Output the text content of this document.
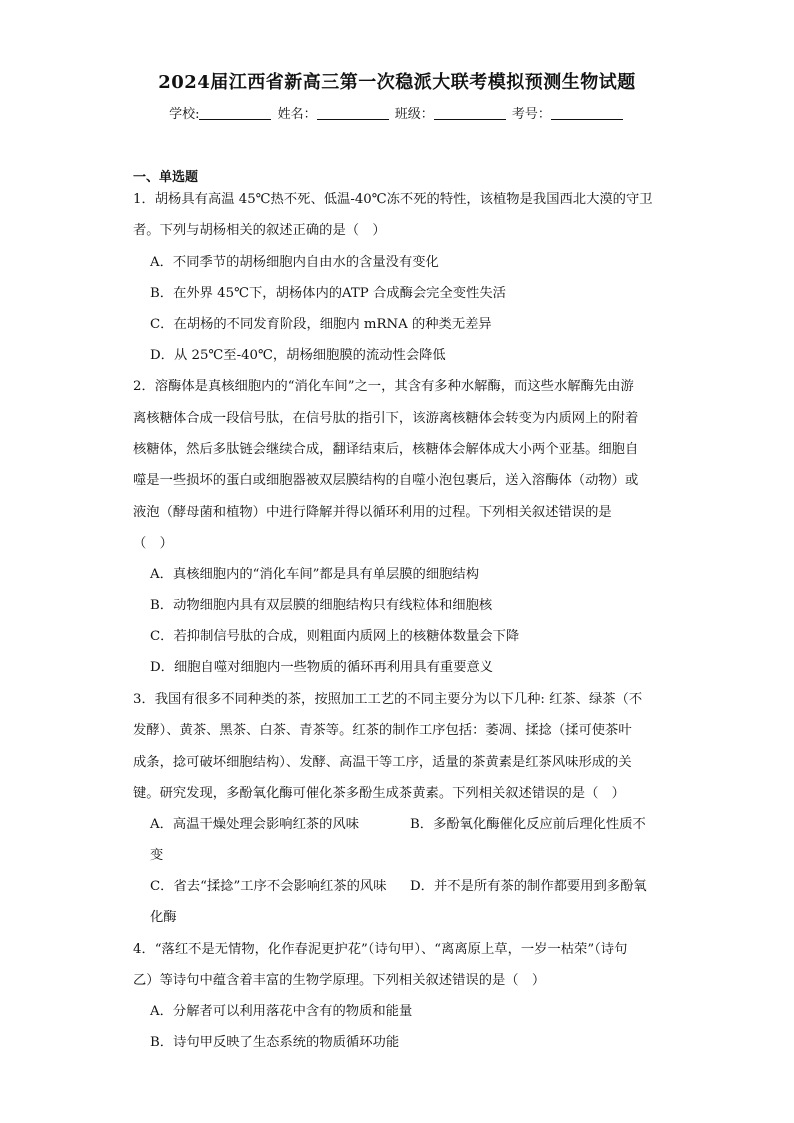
2024届江西省新高三第一次稳派大联考模拟预测生物试题
学校:	姓名：	班级：	考号：
一、单选题
1．胡杨具有高温 45℃热不死、低温-40℃冻不死的特性，该植物是我国西北大漠的守卫
者。下列与胡杨相关的叙述正确的是（　）
A．不同季节的胡杨细胞内自由水的含量没有变化
B．在外界 45℃下，胡杨体内的ATP 合成酶会完全变性失活
C．在胡杨的不同发育阶段，细胞内 mRNA 的种类无差异
D．从 25℃至-40℃，胡杨细胞膜的流动性会降低
2．溶酶体是真核细胞内的“消化车间”之一，其含有多种水解酶，而这些水解酶先由游
离核糖体合成一段信号肽，在信号肽的指引下，该游离核糖体会转变为内质网上的附着
核糖体，然后多肽链会继续合成，翻译结束后，核糖体会解体成大小两个亚基。细胞自
噬是一些损坏的蛋白或细胞器被双层膜结构的自噬小泡包裹后，送入溶酶体（动物）或
液泡（酵母菌和植物）中进行降解并得以循环利用的过程。下列相关叙述错误的是
（　）
A．真核细胞内的“消化车间”都是具有单层膜的细胞结构
B．动物细胞内具有双层膜的细胞结构只有线粒体和细胞核
C．若抑制信号肽的合成，则粗面内质网上的核糖体数量会下降
D．细胞自噬对细胞内一些物质的循环再利用具有重要意义
3．我国有很多不同种类的茶，按照加工工艺的不同主要分为以下几种: 红茶、绿茶（不
发酵）、黄茶、黑茶、白茶、青茶等。红茶的制作工序包括：萎凋、揉捻（揉可使茶叶
成条，捻可破坏细胞结构）、发酵、高温干等工序，适量的茶黄素是红茶风味形成的关
键。研究发现，多酚氧化酶可催化茶多酚生成茶黄素。下列相关叙述错误的是（　）
A．高温干燥处理会影响红茶的风味	B．多酚氧化酶催化反应前后理化性质不
变
C．省去“揉捻”工序不会影响红茶的风味 D．并不是所有茶的制作都要用到多酚氧
化酶
4．“落红不是无情物，化作春泥更护花”（诗句甲）、“离离原上草，一岁一枯荣”（诗句
乙）等诗句中蕴含着丰富的生物学原理。下列相关叙述错误的是（　）
A．分解者可以利用落花中含有的物质和能量
B．诗句甲反映了生态系统的物质循环功能
